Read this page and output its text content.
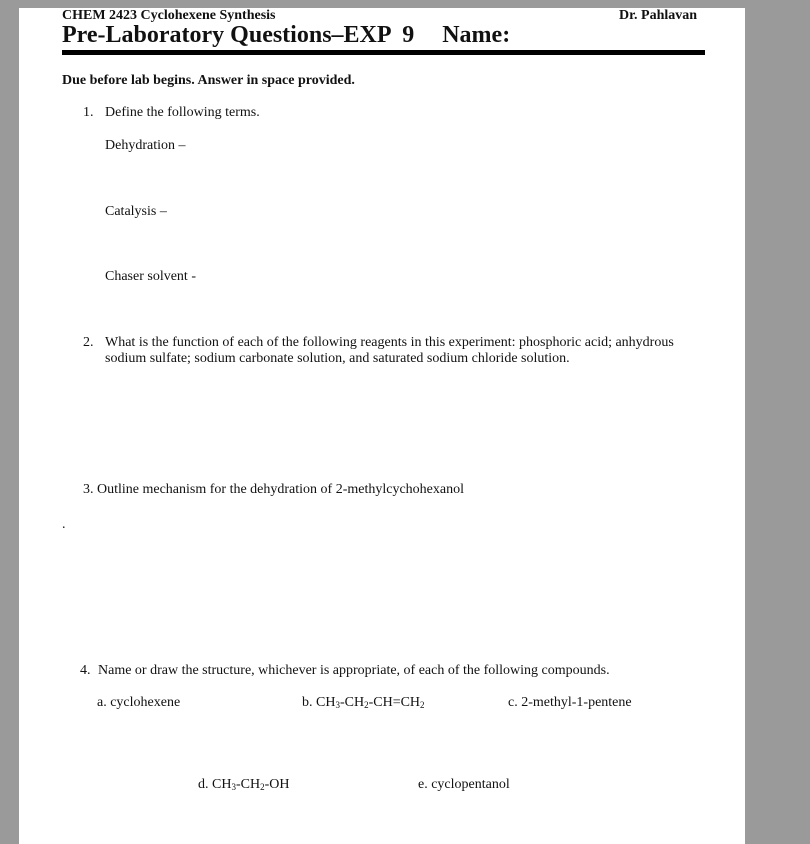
CHEM 2423 Cyclohexene Synthesis	Dr. Pahlavan
Pre-Laboratory Questions–EXP  9 Name:
Due before lab begins. Answer in space provided.
1. Define the following terms.
Dehydration –
Catalysis –
Chaser solvent -
2. What is the function of each of the following reagents in this experiment: phosphoric acid; anhydrous sodium sulfate; sodium carbonate solution, and saturated sodium chloride solution.
3. Outline mechanism for the dehydration of 2-methylcychohexanol
.
4. Name or draw the structure, whichever is appropriate, of each of the following compounds.
a. cyclohexene	b. $CH_3-CH_2-CH=CH_2$	c. 2-methyl-1-pentene
d. $CH_3-CH_2-OH$	e. cyclopentanol
